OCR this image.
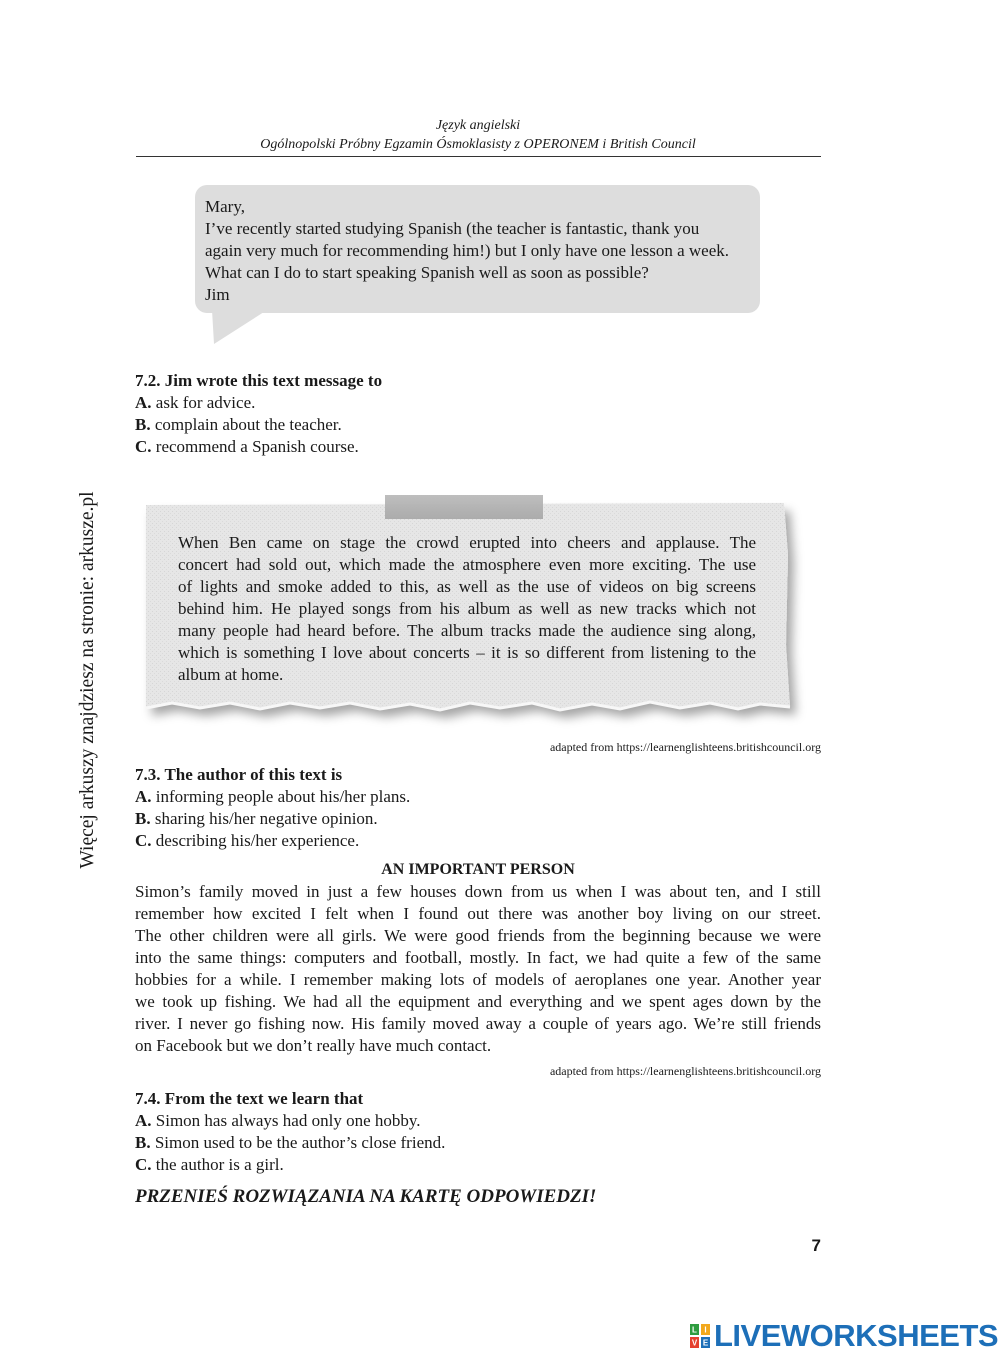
Język angielski
Ogólnopolski Próbny Egzamin Ósmoklasisty z OPERONEM i British Council
Więcej arkuszy znajdziesz na stronie: arkusze.pl
Mary,
I’ve recently started studying Spanish (the teacher is fantastic, thank you
again very much for recommending him!) but I only have one lesson a week.
What can I do to start speaking Spanish well as soon as possible?
Jim
7.2. Jim wrote this text message to
A. ask for advice.
B. complain about the teacher.
C. recommend a Spanish course.
When Ben came on stage the crowd erupted into cheers and applause. The
concert had sold out, which made the atmosphere even more exciting. The use
of lights and smoke added to this, as well as the use of videos on big screens
behind him. He played songs from his album as well as new tracks which not
many people had heard before. The album tracks made the audience sing along,
which is something I love about concerts – it is so different from listening to the
album at home.
adapted from https://learnenglishteens.britishcouncil.org
7.3. The author of this text is
A. informing people about his/her plans.
B. sharing his/her negative opinion.
C. describing his/her experience.
AN IMPORTANT PERSON
Simon’s family moved in just a few houses down from us when I was about ten, and I still
remember how excited I felt when I found out there was another boy living on our street.
The other children were all girls. We were good friends from the beginning because we were
into the same things: computers and football, mostly. In fact, we had quite a few of the same
hobbies for a while. I remember making lots of models of aeroplanes one year. Another year
we took up fishing. We had all the equipment and everything and we spent ages down by the
river. I never go fishing now. His family moved away a couple of years ago. We’re still friends
on Facebook but we don’t really have much contact.
adapted from https://learnenglishteens.britishcouncil.org
7.4. From the text we learn that
A. Simon has always had only one hobby.
B. Simon used to be the author’s close friend.
C. the author is a girl.
PRZENIEŚ ROZWIĄZANIA NA KARTĘ ODPOWIEDZI!
7
L I
V E LIVEWORKSHEETS
